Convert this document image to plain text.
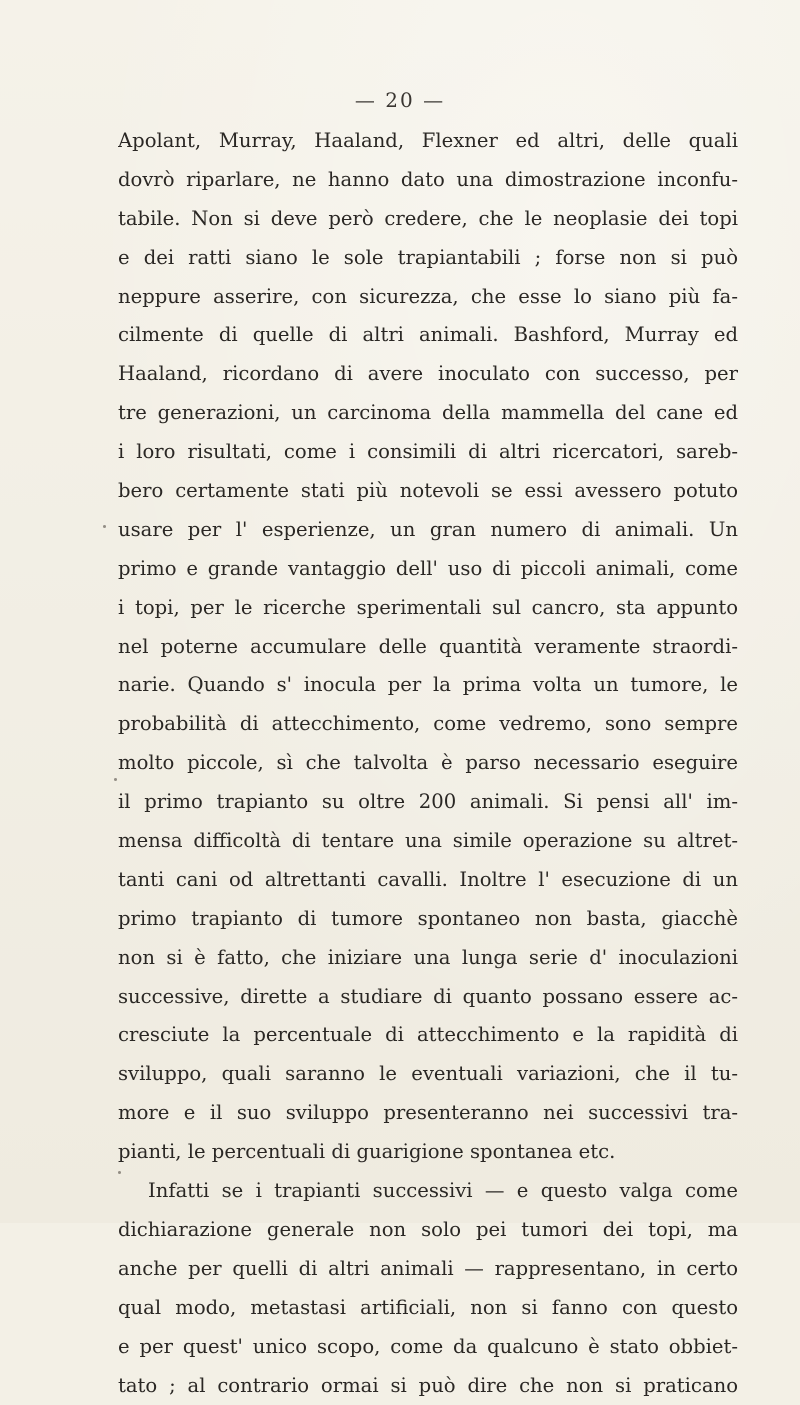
— 20 —
Apolant, Murray, Haaland, Flexner ed altri, delle quali
dovrò riparlare, ne hanno dato una dimostrazione inconfu-
tabile. Non si deve però credere, che le neoplasie dei topi
e dei ratti siano le sole trapiantabili ; forse non si può
neppure asserire, con sicurezza, che esse lo siano più fa-
cilmente di quelle di altri animali. Bashford, Murray ed
Haaland, ricordano di avere inoculato con successo, per
tre generazioni, un carcinoma della mammella del cane ed
i loro risultati, come i consimili di altri ricercatori, sareb-
bero certamente stati più notevoli se essi avessero potuto
usare per l' esperienze, un gran numero di animali. Un
primo e grande vantaggio dell' uso di piccoli animali, come
i topi, per le ricerche sperimentali sul cancro, sta appunto
nel poterne accumulare delle quantità veramente straordi-
narie. Quando s' inocula per la prima volta un tumore, le
probabilità di attecchimento, come vedremo, sono sempre
molto piccole, sì che talvolta è parso necessario eseguire
il primo trapianto su oltre 200 animali. Si pensi all' im-
mensa difficoltà di tentare una simile operazione su altret-
tanti cani od altrettanti cavalli. Inoltre l' esecuzione di un
primo trapianto di tumore spontaneo non basta, giacchè
non si è fatto, che iniziare una lunga serie d' inoculazioni
successive, dirette a studiare di quanto possano essere ac-
cresciute la percentuale di attecchimento e la rapidità di
sviluppo, quali saranno le eventuali variazioni, che il tu-
more e il suo sviluppo presenteranno nei successivi tra-
pianti, le percentuali di guarigione spontanea etc.
Infatti se i trapianti successivi — e questo valga come
dichiarazione generale non solo pei tumori dei topi, ma
anche per quelli di altri animali — rappresentano, in certo
qual modo, metastasi artificiali, non si fanno con questo
e per quest' unico scopo, come da qualcuno è stato obbiet-
tato ; al contrario ormai si può dire che non si praticano
